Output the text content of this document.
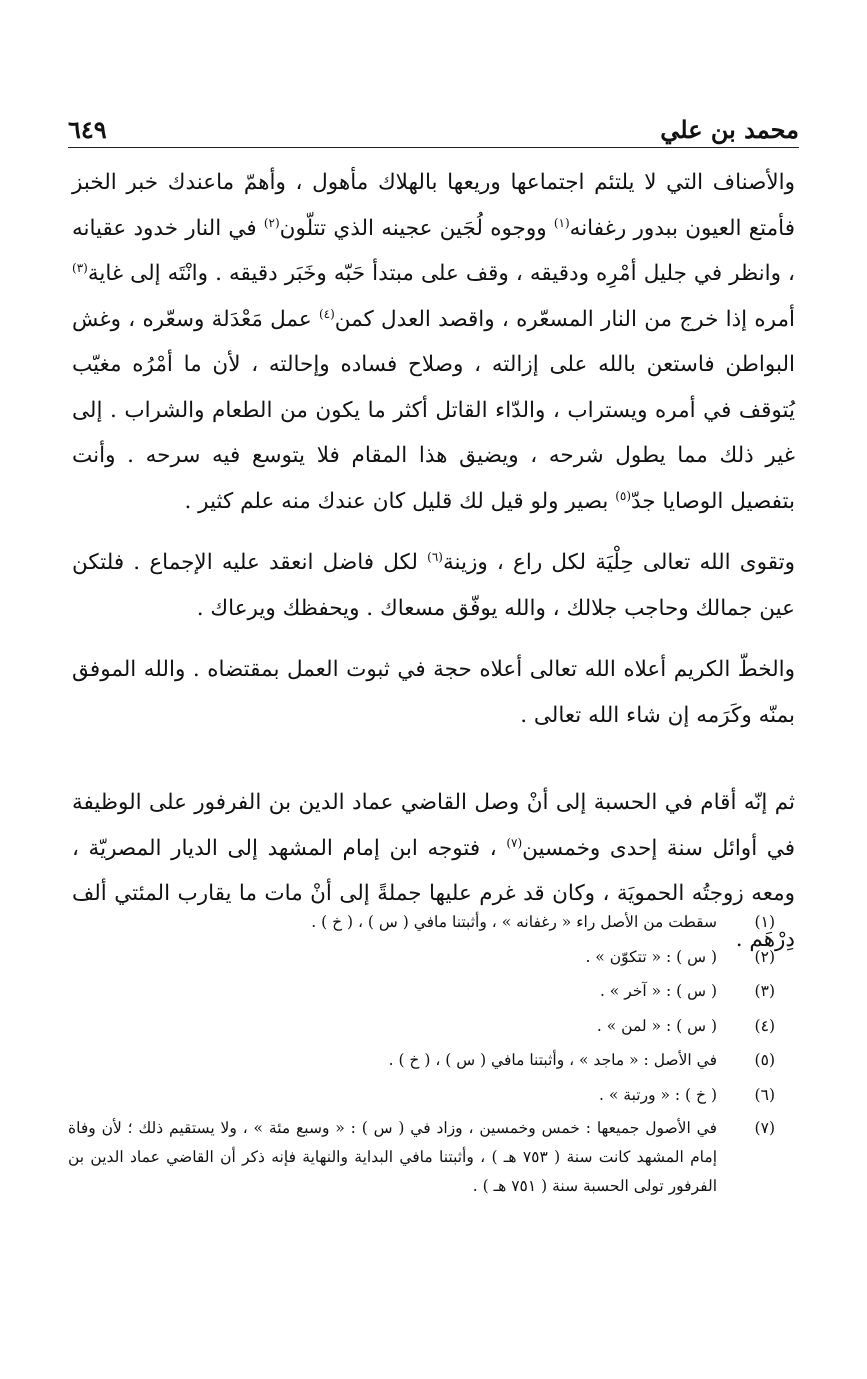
محمد بن علي
٦٤٩

والأصناف التي لا يلتئم اجتماعها وريعها بالهلاك مأهول ، وأهمّ ماعندك خبر الخبز فأمتع العيون ببدور رغفانه$^{(١)}$ ووجوه لُجَين عجينه الذي تتلّون$^{(٢)}$ في النار خدود عقيانه ، وانظر في جليل أمْرِه ودقيقه ، وقف على مبتدأ حَبّه وخَبَر دقيقه . وانْتَه إلى غاية$^{(٣)}$ أمره إذا خرج من النار المسعّره ، واقصد العدل كمن$^{(٤)}$ عمل مَعْدَلة وسعّره ، وغش البواطن فاستعن بالله على إزالته ، وصلاح فساده وإحالته ، لأن ما أمْرُه مغيّب يُتوقف في أمره ويستراب ، والدّاء القاتل أكثر ما يكون من الطعام والشراب . إلى غير ذلك مما يطول شرحه ، ويضيق هذا المقام فلا يتوسع فيه سرحه . وأنت بتفصيل الوصايا جدّ$^{(٥)}$ بصير ولو قيل لك قليل كان عندك منه علم كثير .

وتقوى الله تعالى حِلْيَة لكل راع ، وزينة$^{(٦)}$ لكل فاضل انعقد عليه الإجماع . فلتكن عين جمالك وحاجب جلالك ، والله يوفّق مسعاك . ويحفظك ويرعاك .

والخطّ الكريم أعلاه الله تعالى أعلاه حجة في ثبوت العمل بمقتضاه . والله الموفق بمنّه وكَرَمه إن شاء الله تعالى .

ثم إنّه أقام في الحسبة إلى أنْ وصل القاضي عماد الدين بن الفرفور على الوظيفة في أوائل سنة إحدى وخمسين$^{(٧)}$ ، فتوجه ابن إمام المشهد إلى الديار المصريّة ، ومعه زوجتُه الحمويَة ، وكان قد غرم عليها جملةً إلى أنْ مات ما يقارب المئتي ألف دِرْهَم .

(١)
سقطت من الأصل راء « رغفانه » ، وأثبتنا مافي ( س ) ، ( خ ) .
(٢)
( س ) : « تتكوّن » .
(٣)
( س ) : « آخر » .
(٤)
( س ) : « لمن » .
(٥)
في الأصل : « ماجد » ، وأثبتنا مافي ( س ) ، ( خ ) .
(٦)
( خ ) : « ورتبة » .
(٧)
في الأصول جميعها : خمس وخمسين ، وزاد في ( س ) : « وسبع مئة » ، ولا يستقيم ذلك ؛ لأن وفاة إمام المشهد كانت سنة ( ٧٥٣ هـ ) ، وأثبتنا مافي البداية والنهاية فإنه ذكر أن القاضي عماد الدين بن الفرفور تولى الحسبة سنة ( ٧٥١ هـ ) .
